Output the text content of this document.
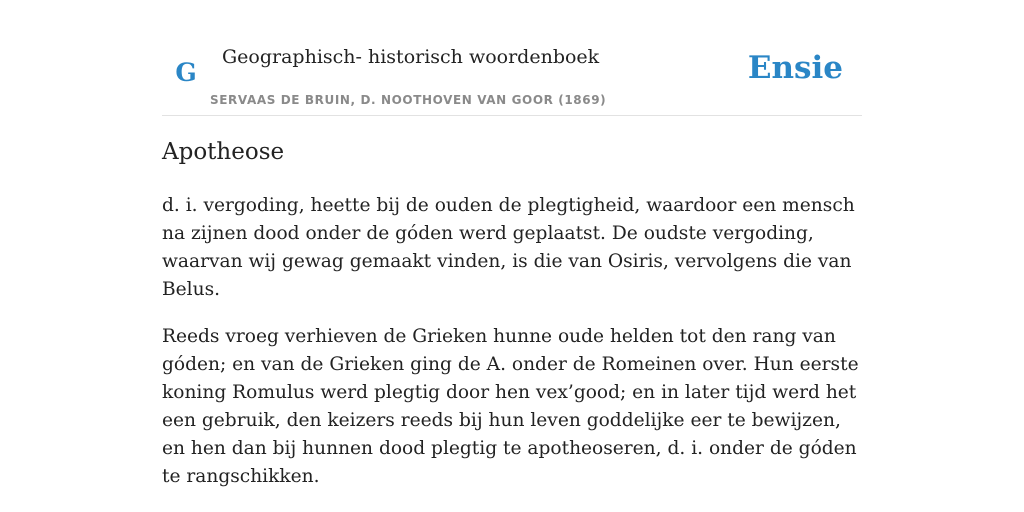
G
Geographisch- historisch woordenboek
SERVAAS DE BRUIN, D. NOOTHOVEN VAN GOOR (1869)
Ensie
Apotheose

d. i. vergoding, heette bij de ouden de plegtigheid, waardoor een mensch na zijnen dood onder de góden werd geplaatst. De oudste vergoding, waarvan wij gewag gemaakt vinden, is die van Osiris, vervolgens die van Belus.

Reeds vroeg verhieven de Grieken hunne oude helden tot den rang van góden; en van de Grieken ging de A. onder de Romeinen over. Hun eerste koning Romulus werd plegtig door hen vex’good; en in later tijd werd het een gebruik, den keizers reeds bij hun leven goddelijke eer te bewijzen, en hen dan bij hunnen dood plegtig te apotheoseren, d. i. onder de góden te rangschikken.
